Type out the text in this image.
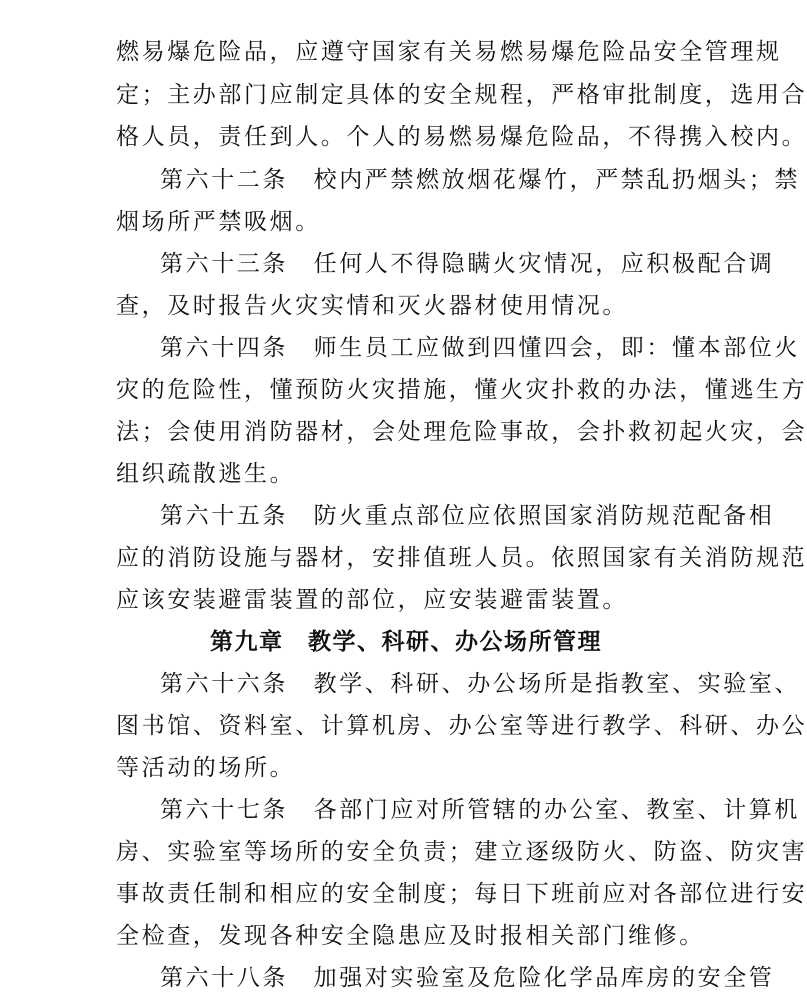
燃易爆危险品，应遵守国家有关易燃易爆危险品安全管理规
定；主办部门应制定具体的安全规程，严格审批制度，选用合
格人员，责任到人。个人的易燃易爆危险品，不得携入校内。
第六十二条　校内严禁燃放烟花爆竹，严禁乱扔烟头；禁
烟场所严禁吸烟。
第六十三条　任何人不得隐瞒火灾情况，应积极配合调
查，及时报告火灾实情和灭火器材使用情况。
第六十四条　师生员工应做到四懂四会，即：懂本部位火
灾的危险性，懂预防火灾措施，懂火灾扑救的办法，懂逃生方
法；会使用消防器材，会处理危险事故，会扑救初起火灾，会
组织疏散逃生。
第六十五条　防火重点部位应依照国家消防规范配备相
应的消防设施与器材，安排值班人员。依照国家有关消防规范
应该安装避雷装置的部位，应安装避雷装置。
第九章　教学、科研、办公场所管理
第六十六条　教学、科研、办公场所是指教室、实验室、
图书馆、资料室、计算机房、办公室等进行教学、科研、办公
等活动的场所。
第六十七条　各部门应对所管辖的办公室、教室、计算机
房、实验室等场所的安全负责；建立逐级防火、防盗、防灾害
事故责任制和相应的安全制度；每日下班前应对各部位进行安
全检查，发现各种安全隐患应及时报相关部门维修。
第六十八条　加强对实验室及危险化学品库房的安全管
